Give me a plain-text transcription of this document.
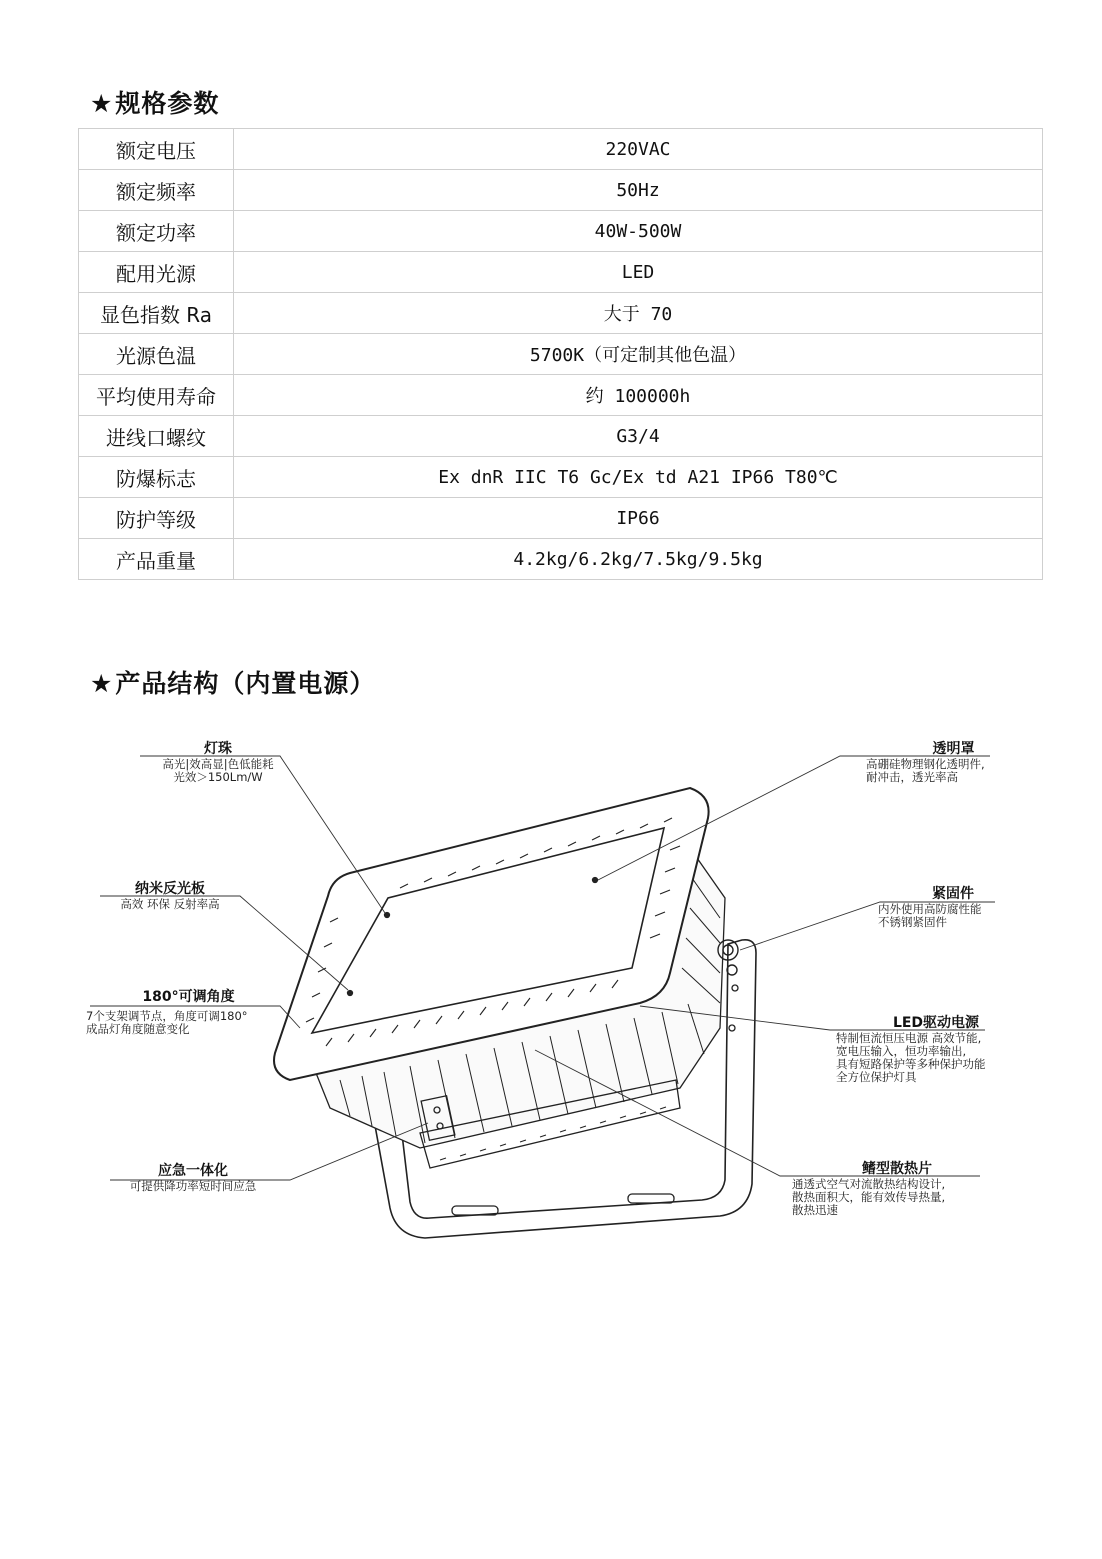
★规格参数
额定电压	220VAC
额定频率	50Hz
额定功率	40W-500W
配用光源	LED
显色指数 Ra	大于 70
光源色温	5700K（可定制其他色温）
平均使用寿命	约 100000h
进线口螺纹	G3/4
防爆标志	Ex dnR IIC T6 Gc/Ex td A21 IP66 T80℃
防护等级	IP66
产品重量	4.2kg/6.2kg/7.5kg/9.5kg
★产品结构（内置电源）
灯珠
高光|效高显|色低能耗
光效＞150Lm/W
纳米反光板
高效 环保 反射率高
180°可调角度
7个支架调节点，角度可调180°
成品灯角度随意变化
应急一体化
可提供降功率短时间应急
透明罩
高硼硅物理钢化透明件,
耐冲击，透光率高
紧固件
内外使用高防腐性能
不锈钢紧固件
LED驱动电源
特制恒流恒压电源 高效节能,
宽电压输入，恒功率输出,
具有短路保护等多种保护功能
全方位保护灯具
鳍型散热片
通透式空气对流散热结构设计,
散热面积大，能有效传导热量,
散热迅速
